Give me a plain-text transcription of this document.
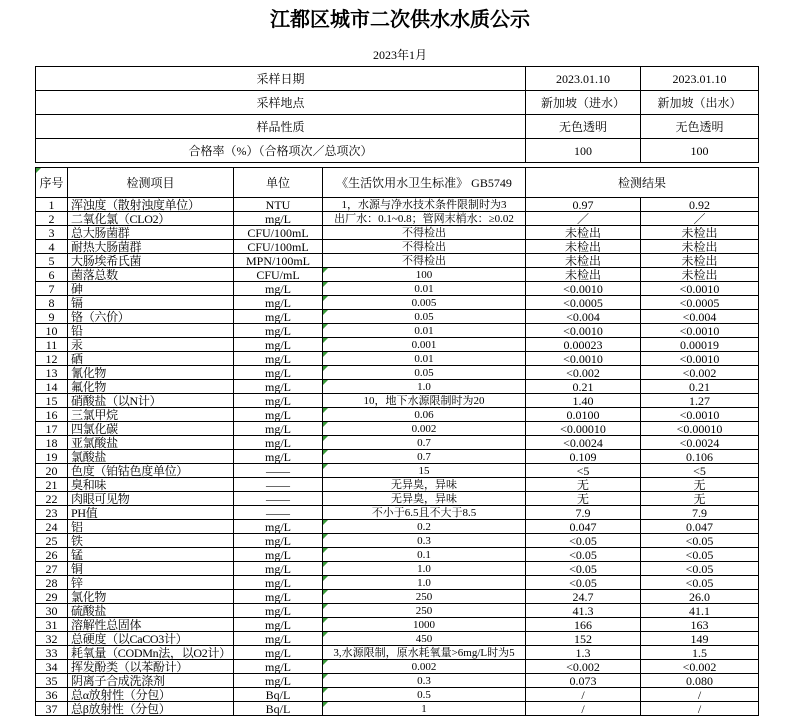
江都区城市二次供水水质公示
2023年1月
采样日期	2023.01.10	2023.01.10
采样地点	新加坡（进水）	新加坡（出水）
样品性质	无色透明	无色透明
合格率（%）（合格项次／总项次）	100	100
序号	检测项目	单位	《生活饮用水卫生标准》 GB5749	检测结果	
1	浑浊度（散射浊度单位）	NTU	1，水源与净水技术条件限制时为3	0.97	0.92
2	二氧化氯（CLO2）	mg/L	出厂水：0.1~0.8；管网末梢水：≥0.02	／	／
3	总大肠菌群	CFU/100mL	不得检出	未检出	未检出
4	耐热大肠菌群	CFU/100mL	不得检出	未检出	未检出
5	大肠埃希氏菌	MPN/100mL	不得检出	未检出	未检出
6	菌落总数	CFU/mL	100	未检出	未检出
7	砷	mg/L	0.01	<0.0010	<0.0010
8	镉	mg/L	0.005	<0.0005	<0.0005
9	铬（六价）	mg/L	0.05	<0.004	<0.004
10	铅	mg/L	0.01	<0.0010	<0.0010
11	汞	mg/L	0.001	0.00023	0.00019
12	硒	mg/L	0.01	<0.0010	<0.0010
13	氰化物	mg/L	0.05	<0.002	<0.002
14	氟化物	mg/L	1.0	0.21	0.21
15	硝酸盐（以N计）	mg/L	10，地下水源限制时为20	1.40	1.27
16	三氯甲烷	mg/L	0.06	0.0100	<0.0010
17	四氯化碳	mg/L	0.002	<0.00010	<0.00010
18	亚氯酸盐	mg/L	0.7	<0.0024	<0.0024
19	氯酸盐	mg/L	0.7	0.109	0.106
20	色度（铂钴色度单位）	——	15	<5	<5
21	臭和味	——	无异臭，异味	无	无
22	肉眼可见物	——	无异臭，异味	无	无
23	PH值	——	不小于6.5且不大于8.5	7.9	7.9
24	铝	mg/L	0.2	0.047	0.047
25	铁	mg/L	0.3	<0.05	<0.05
26	锰	mg/L	0.1	<0.05	<0.05
27	铜	mg/L	1.0	<0.05	<0.05
28	锌	mg/L	1.0	<0.05	<0.05
29	氯化物	mg/L	250	24.7	26.0
30	硫酸盐	mg/L	250	41.3	41.1
31	溶解性总固体	mg/L	1000	166	163
32	总硬度（以CaCO3计）	mg/L	450	152	149
33	耗氧量（CODMn法，以O2计）	mg/L	3,水源限制，原水耗氧量>6mg/L时为5	1.3	1.5
34	挥发酚类（以苯酚计）	mg/L	0.002	<0.002	<0.002
35	阴离子合成洗涤剂	mg/L	0.3	0.073	0.080
36	总α放射性（分包）	Bq/L	0.5	/	/
37	总β放射性（分包）	Bq/L	1	/	/
